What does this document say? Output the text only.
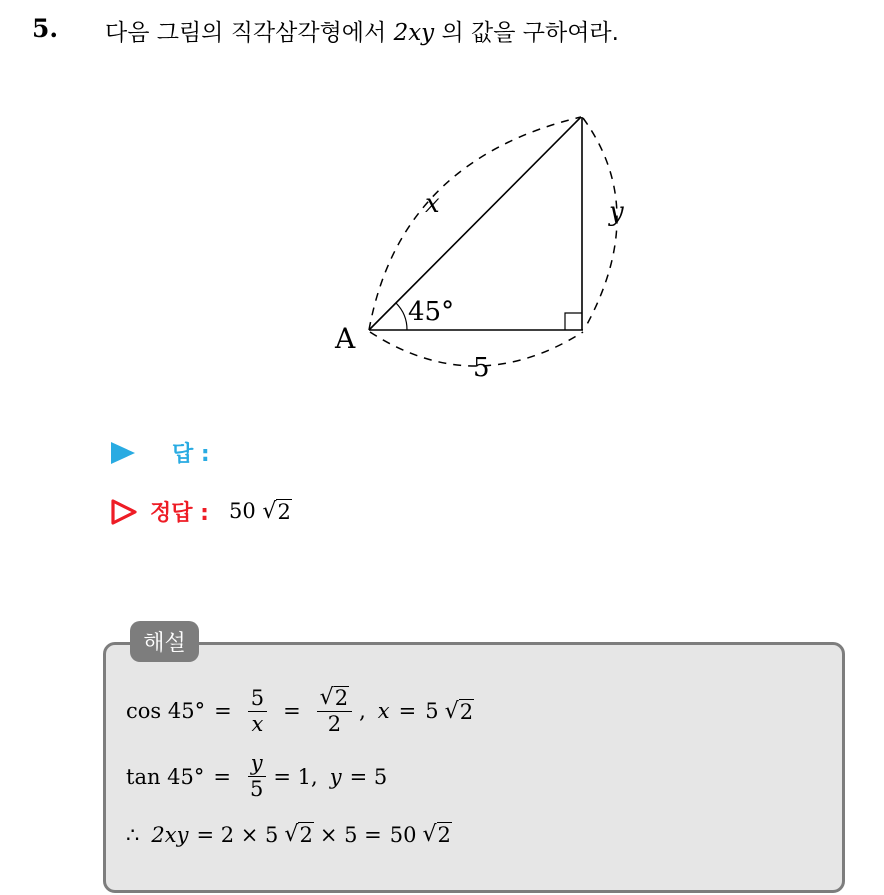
5. 다음 그림의 직각삼각형에서 2xy 의 값을 구하여라.
A
45°
x	y
5
답 :
정답 : 50 √ 2
해설
$\cos 45^\circ = \frac{5}{x} = \frac{√ 2}{2}$ , x = 5 √ 2
$\tan 45^\circ = \frac{y}{5} = 1$, y = 5
∴ 2xy = 2 × 5 √ 2 × 5 = 50 √ 2
